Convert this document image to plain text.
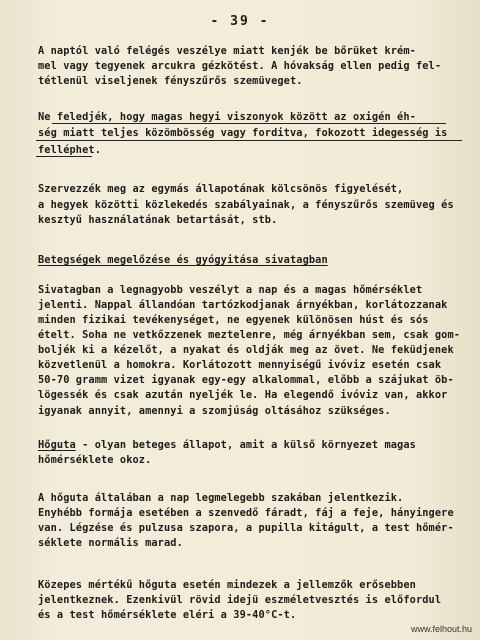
- 39 -
A naptól való felégés veszélye miatt kenjék be bőrüket krém-
mel vagy tegyenek arcukra gézkötést. A hóvakság ellen pedig fel-
tétlenül viseljenek fényszűrős szemüveget.
Ne feledjék, hogy magas hegyi viszonyok között az oxigén éh-
ség miatt teljes közömbösség vagy forditva, fokozott idegesség is
felléphet.
Szervezzék meg az egymás állapotának kölcsönös figyelését,
a hegyek közötti közlekedés szabályainak, a fényszűrős szemüveg és
kesztyű használatának betartását, stb.
Betegségek megelőzése és gyógyitása sivatagban
Sivatagban a legnagyobb veszélyt a nap és a magas hőmérséklet
jelenti. Nappal állandóan tartózkodjanak árnyékban, korlátozzanak
minden fizikai tevékenységet, ne egyenek különösen húst és sós
ételt. Soha ne vetkőzzenek meztelenre, még árnyékban sem, csak gom-
boljék ki a kézelőt, a nyakat és oldják meg az övet. Ne feküdjenek
közvetlenül a homokra. Korlátozott mennyiségű ivóviz esetén csak
50-70 gramm vizet igyanak egy-egy alkalommal, előbb a szájukat öb-
lögessék és csak azután nyeljék le. Ha elegendő ivóviz van, akkor
igyanak annyit, amennyi a szomjúság oltásához szükséges.
Hőguta - olyan beteges állapot, amit a külső környezet magas
hőmérséklete okoz.
A hőguta általában a nap legmelegebb szakában jelentkezik.
Enyhébb formája esetében a szenvedő fáradt, fáj a feje, hányingere
van. Légzése és pulzusa szapora, a pupilla kitágult, a test hőmér-
séklete normális marad.
Közepes mértékű hőguta esetén mindezek a jellemzők erősebben
jelentkeznek. Ezenkivül rövid idejü eszméletvesztés is előfordul
és a test hőmérséklete eléri a 39-40°C-t.
www.felhout.hu
